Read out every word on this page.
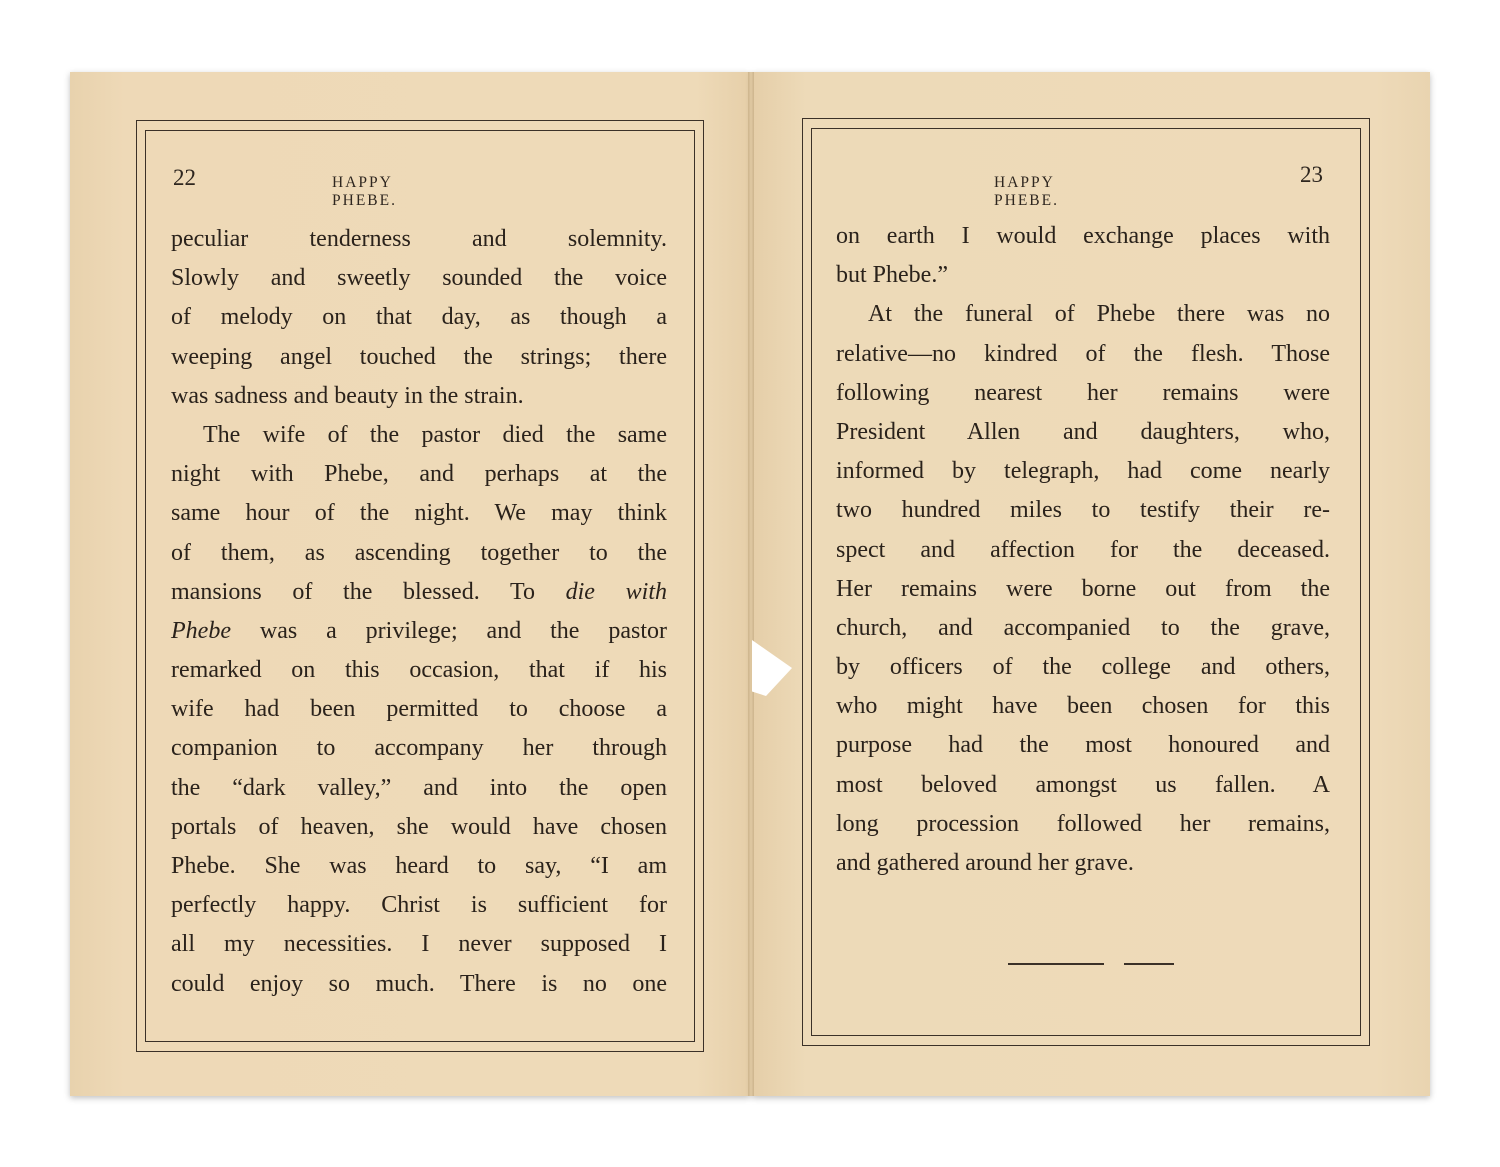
22	HAPPY PHEBE.
peculiar tenderness and solemnity.
Slowly and sweetly sounded the voice
of melody on that day, as though a
weeping angel touched the strings; there
was sadness and beauty in the strain.
The wife of the pastor died the same
night with Phebe, and perhaps at the
same hour of the night. We may think
of them, as ascending together to the
mansions of the blessed. To die with
Phebe was a privilege; and the pastor
remarked on this occasion, that if his
wife had been permitted to choose a
companion to accompany her through
the “dark valley,” and into the open
portals of heaven, she would have chosen
Phebe. She was heard to say, “I am
perfectly happy. Christ is sufficient for
all my necessities. I never supposed I
could enjoy so much. There is no one
HAPPY PHEBE.
23
on earth I would exchange places with
but Phebe.”
At the funeral of Phebe there was no
relative—no kindred of the flesh. Those
following nearest her remains were
President Allen and daughters, who,
informed by telegraph, had come nearly
two hundred miles to testify their re-
spect and affection for the deceased.
Her remains were borne out from the
church, and accompanied to the grave,
by officers of the college and others,
who might have been chosen for this
purpose had the most honoured and
most beloved amongst us fallen. A
long procession followed her remains,
and gathered around her grave.
